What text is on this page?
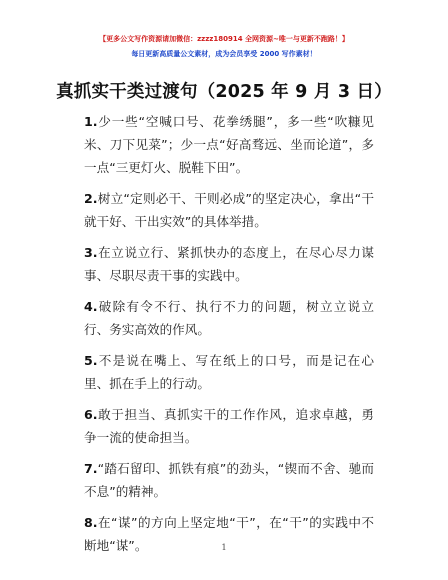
【更多公文写作资源请加微信：zzzz180914 全网资源~唯一与更新不跑路！】
每日更新高质量公文素材，成为会员享受 2000 写作素材！
真抓实干类过渡句（2025 年 9 月 3 日）
1.少一些“空喊口号、花拳绣腿”，多一些“吹糠见米、刀下见菜”；少一点“好高骛远、坐而论道”，多一点“三更灯火、脱鞋下田”。
2.树立“定则必干、干则必成”的坚定决心，拿出“干就干好、干出实效”的具体举措。
3.在立说立行、紧抓快办的态度上，在尽心尽力谋事、尽职尽责干事的实践中。
4.破除有令不行、执行不力的问题，树立立说立行、务实高效的作风。
5.不是说在嘴上、写在纸上的口号，而是记在心里、抓在手上的行动。
6.敢于担当、真抓实干的工作作风，追求卓越，勇争一流的使命担当。
7.“踏石留印、抓铁有痕”的劲头，“锲而不舍、驰而不息”的精神。
8.在“谋”的方向上坚定地“干”，在“干”的实践中不断地“谋”。	1
